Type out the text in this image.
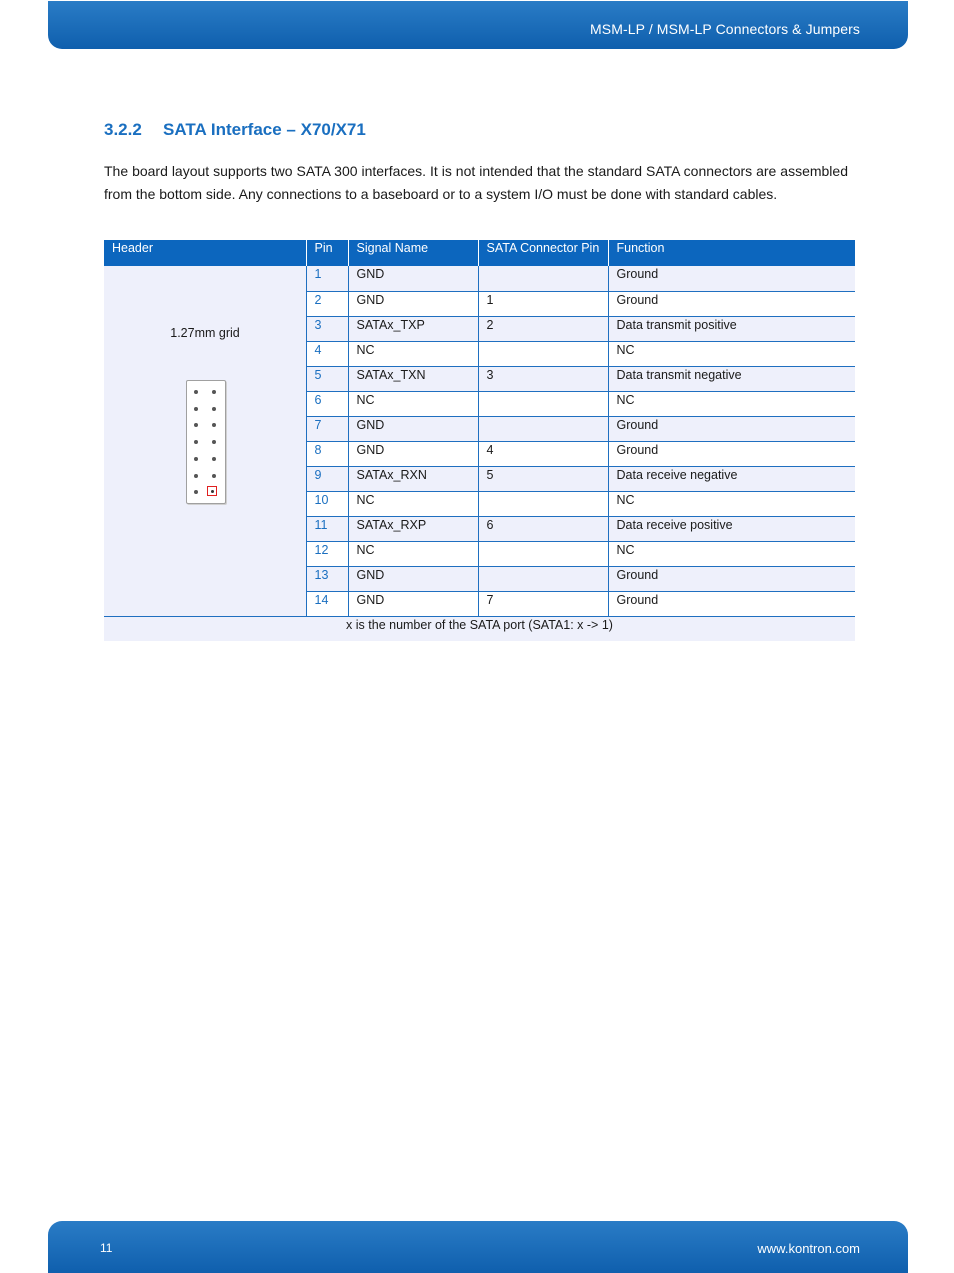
MSM-LP / MSM-LP Connectors & Jumpers
3.2.2 SATA Interface – X70/X71
The board layout supports two SATA 300 interfaces. It is not intended that the standard SATA connectors are assembled from the bottom side. Any connections to a baseboard or to a system I/O must be done with standard cables.
Header	Pin	Signal Name	SATA Connector Pin	Function

1.27mm grid	1	GND		Ground
	2	GND	1	Ground
	3	SATAx_TXP	2	Data transmit positive
	4	NC		NC
	5	SATAx_TXN	3	Data transmit negative
	6	NC		NC
	7	GND		Ground
	8	GND	4	Ground
	9	SATAx_RXN	5	Data receive negative
	10	NC		NC
	11	SATAx_RXP	6	Data receive positive
	12	NC		NC
	13	GND		Ground
	14	GND	7	Ground
x is the number of the SATA port (SATA1: x -> 1)				
11	www.kontron.com
